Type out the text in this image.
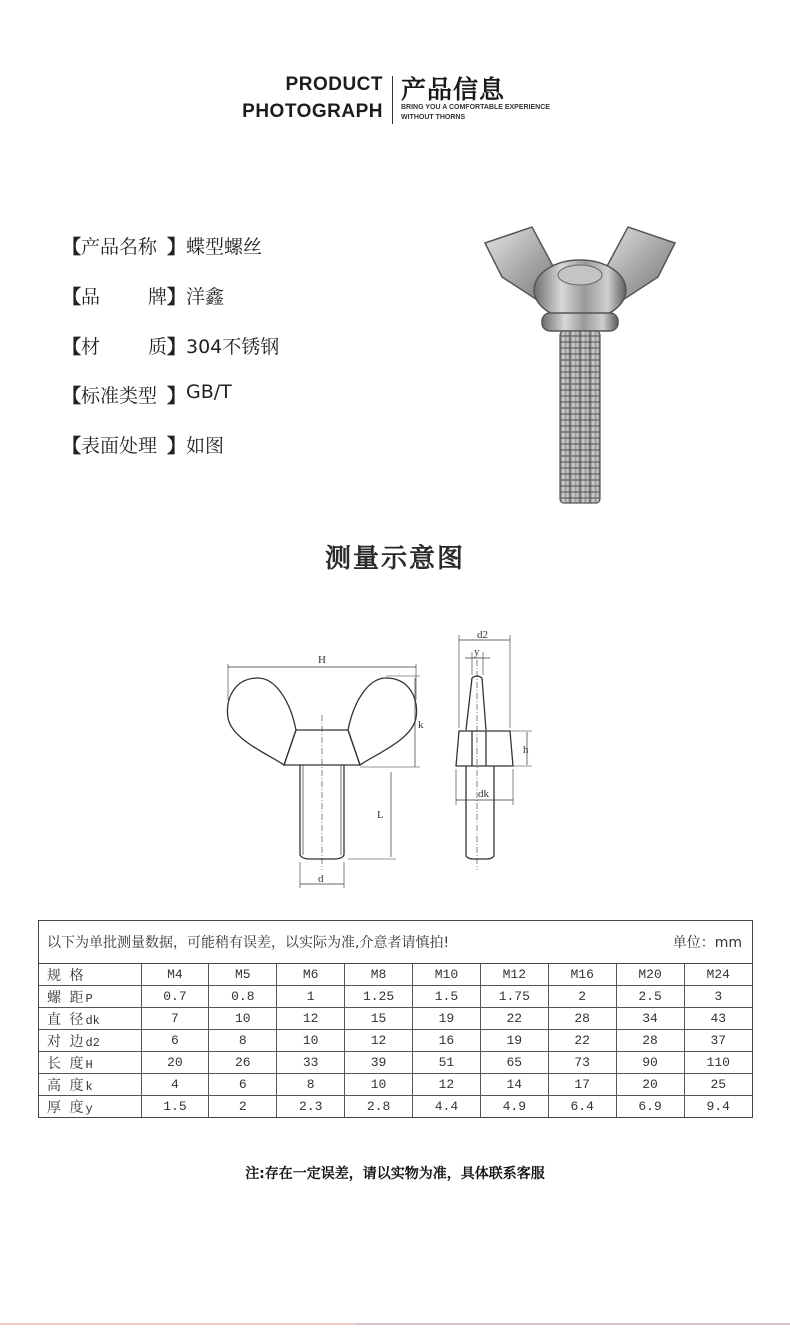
PRODUCT
PHOTOGRAPH
产品信息
BRING YOU A COMFORTABLE EXPERIENCE
WITHOUT THORNS
【 产品名称 】 蝶型螺丝
【 品	牌 】 洋鑫
【 材	质 】 304不锈钢
【 标准类型 】 GB/T
【 表面处理 】 如图
测量示意图
H
k
L
d
d2
y
h
dk
以下为单批测量数据，可能稍有误差，以实际为准,介意者请慎拍!	单位：mm
规 格	M4	M5	M6	M8	M10	M12	M16	M20	M24
螺 距P	0.7	0.8	1	1.25	1.5	1.75	2	2.5	3
直 径dk	7	10	12	15	19	22	28	34	43
对 边d2	6	8	10	12	16	19	22	28	37
长 度H	20	26	33	39	51	65	73	90	110
高 度k	4	6	8	10	12	14	17	20	25
厚 度y	1.5	2	2.3	2.8	4.4	4.9	6.4	6.9	9.4
注:存在一定误差，请以实物为准，具体联系客服
